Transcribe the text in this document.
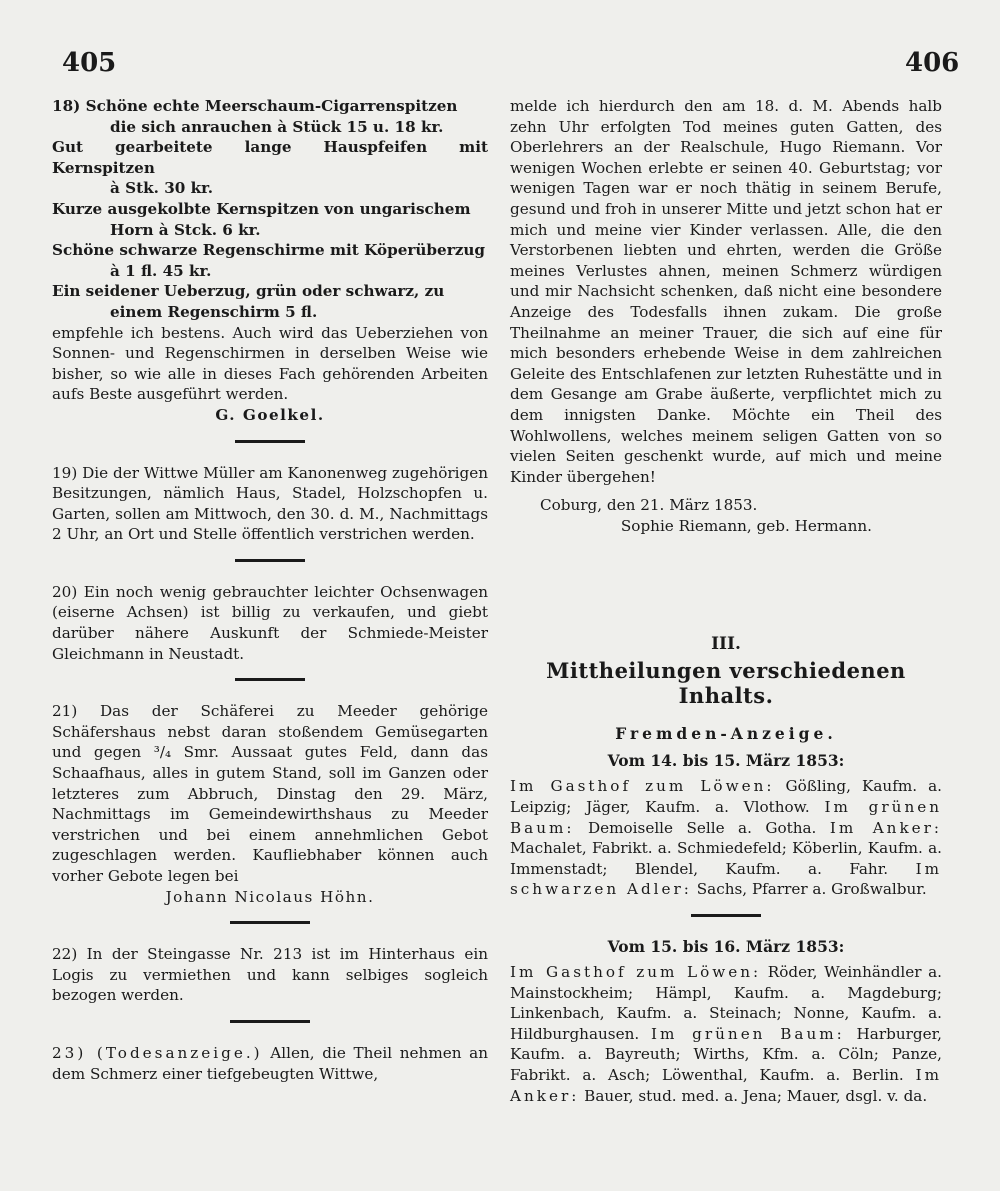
405	406

18) Schöne echte Meerschaum-Cigarrenspitzen

die sich anrauchen à Stück 15 u. 18 kr.

Gut gearbeitete lange Hauspfeifen mit Kernspitzen

à Stk. 30 kr.

Kurze ausgekolbte Kernspitzen von ungarischem

Horn à Stck. 6 kr.

Schöne schwarze Regenschirme mit Köperüberzug

à 1 fl. 45 kr.

Ein seidener Ueberzug, grün oder schwarz, zu

einem Regenschirm 5 fl.

empfehle ich bestens. Auch wird das Ueberziehen von Sonnen- und Regenschirmen in derselben Weise wie bisher, so wie alle in dieses Fach gehörenden Arbeiten aufs Beste ausgeführt werden.

G. Goelkel.

19) Die der Wittwe Müller am Kanonenweg zugehörigen Besitzungen, nämlich Haus, Stadel, Holzschopfen u. Garten, sollen am Mittwoch, den 30. d. M., Nachmittags 2 Uhr, an Ort und Stelle öffentlich verstrichen werden.

20) Ein noch wenig gebrauchter leichter Ochsenwagen (eiserne Achsen) ist billig zu verkaufen, und giebt darüber nähere Auskunft der Schmiede-Meister Gleichmann in Neustadt.

21) Das der Schäferei zu Meeder gehörige Schäfershaus nebst daran stoßendem Gemüsegarten und gegen ³/₄ Smr. Aussaat gutes Feld, dann das Schaafhaus, alles in gutem Stand, soll im Ganzen oder letzteres zum Abbruch, Dinstag den 29. März, Nachmittags im Gemeindewirthshaus zu Meeder verstrichen und bei einem annehmlichen Gebot zugeschlagen werden. Kaufliebhaber können auch vorher Gebote legen bei

Johann Nicolaus Höhn.

22) In der Steingasse Nr. 213 ist im Hinterhaus ein Logis zu vermiethen und kann selbiges sogleich bezogen werden.

23) (Todesanzeige.) Allen, die Theil nehmen an dem Schmerz einer tiefgebeugten Wittwe,

melde ich hierdurch den am 18. d. M. Abends halb zehn Uhr erfolgten Tod meines guten Gatten, des Oberlehrers an der Realschule, Hugo Riemann. Vor wenigen Wochen erlebte er seinen 40. Geburtstag; vor wenigen Tagen war er noch thätig in seinem Berufe, gesund und froh in unserer Mitte und jetzt schon hat er mich und meine vier Kinder verlassen. Alle, die den Verstorbenen liebten und ehrten, werden die Größe meines Verlustes ahnen, meinen Schmerz würdigen und mir Nachsicht schenken, daß nicht eine besondere Anzeige des Todesfalls ihnen zukam. Die große Theilnahme an meiner Trauer, die sich auf eine für mich besonders erhebende Weise in dem zahlreichen Geleite des Entschlafenen zur letzten Ruhestätte und in dem Gesange am Grabe äußerte, verpflichtet mich zu dem innigsten Danke. Möchte ein Theil des Wohlwollens, welches meinem seligen Gatten von so vielen Seiten geschenkt wurde, auf mich und meine Kinder übergehen!

Coburg, den 21. März 1853.

Sophie Riemann, geb. Hermann.

III.
Mittheilungen verschiedenen Inhalts.
Fremden-Anzeige.
Vom 14. bis 15. März 1853:

Im Gasthof zum Löwen: Gößling, Kaufm. a. Leipzig; Jäger, Kaufm. a. Vlothow. Im grünen Baum: Demoiselle Selle a. Gotha. Im Anker: Machalet, Fabrikt. a. Schmiedefeld; Köberlin, Kaufm. a. Immenstadt; Blendel, Kaufm. a. Fahr. Im schwarzen Adler: Sachs, Pfarrer a. Großwalbur.

Vom 15. bis 16. März 1853:

Im Gasthof zum Löwen: Röder, Weinhändler a. Mainstockheim; Hämpl, Kaufm. a. Magdeburg; Linkenbach, Kaufm. a. Steinach; Nonne, Kaufm. a. Hildburghausen. Im grünen Baum: Harburger, Kaufm. a. Bayreuth; Wirths, Kfm. a. Cöln; Panze, Fabrikt. a. Asch; Löwenthal, Kaufm. a. Berlin. Im Anker: Bauer, stud. med. a. Jena; Mauer, dsgl. v. da.
